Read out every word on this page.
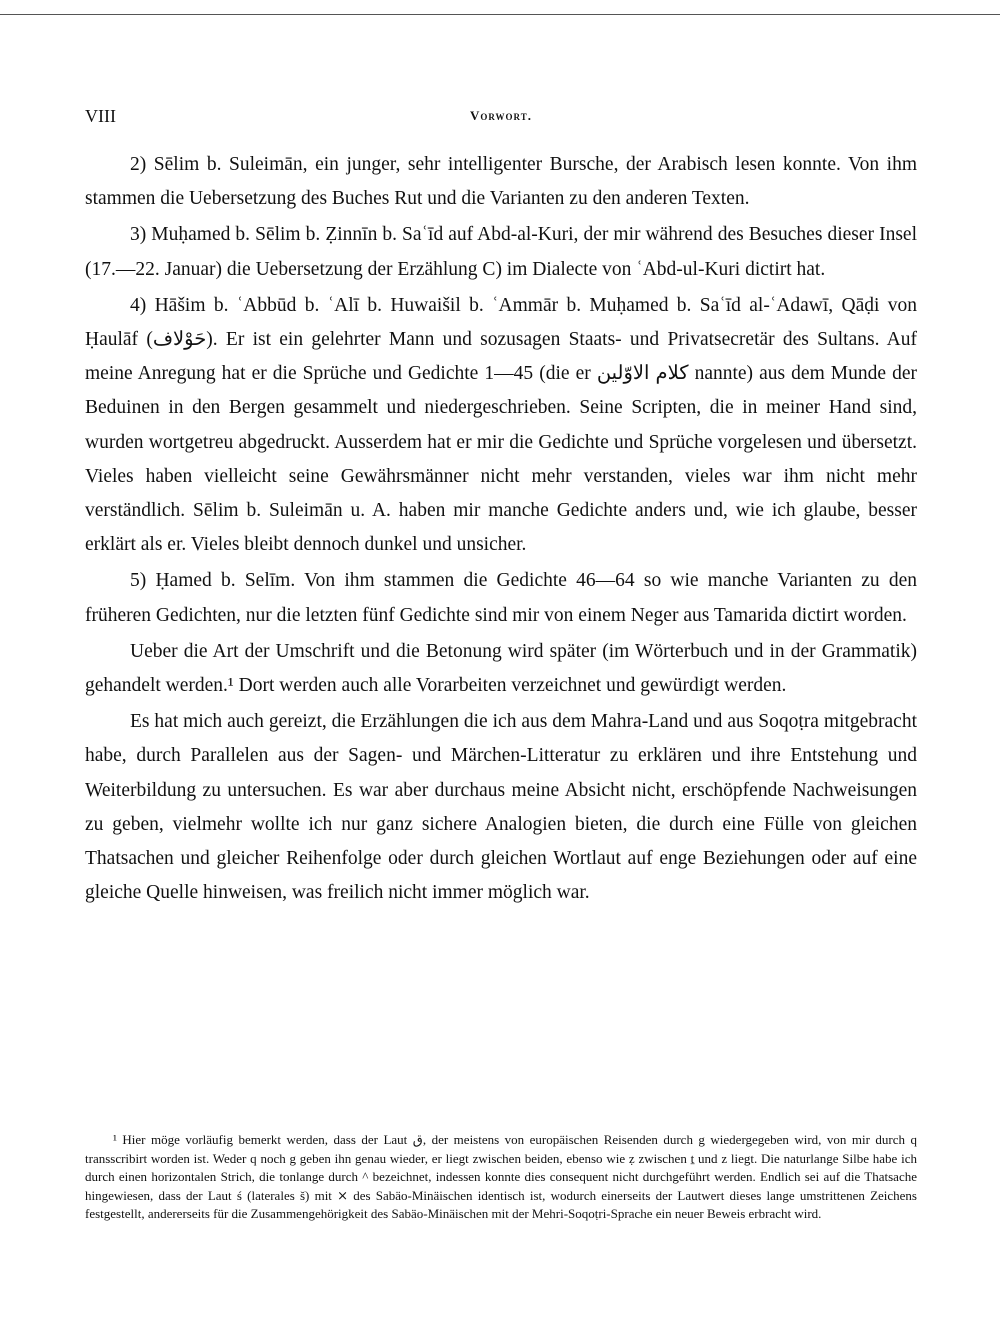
VIII	Vorwort.

2) Sēlim b. Suleimān, ein junger, sehr intelligenter Bursche, der Arabisch lesen konnte. Von ihm stammen die Uebersetzung des Buches Rut und die Varianten zu den anderen Texten.

3) Muḥamed b. Sēlim b. Ẓinnīn b. Saʿīd auf Abd-al-Kuri, der mir während des Besuches dieser Insel (17.—22. Januar) die Uebersetzung der Erzählung C) im Dialecte von ʿAbd-ul-Kuri dictirt hat.

4) Hāšim b. ʿAbbūd b. ʿAlī b. Huwaišil b. ʿAmmār b. Muḥamed b. Saʿīd al-ʿAdawī, Qāḍi von Ḥaulāf (حَوْلاف). Er ist ein gelehrter Mann und sozusagen Staats- und Privatsecretär des Sultans. Auf meine Anregung hat er die Sprüche und Gedichte 1—45 (die er كلام الاوّلين nannte) aus dem Munde der Beduinen in den Bergen gesammelt und niedergeschrieben. Seine Scripten, die in meiner Hand sind, wurden wortgetreu abgedruckt. Ausserdem hat er mir die Gedichte und Sprüche vorgelesen und übersetzt. Vieles haben vielleicht seine Gewährsmänner nicht mehr verstanden, vieles war ihm nicht mehr verständlich. Sēlim b. Suleimān u. A. haben mir manche Gedichte anders und, wie ich glaube, besser erklärt als er. Vieles bleibt dennoch dunkel und unsicher.

5) Ḥamed b. Selīm. Von ihm stammen die Gedichte 46—64 so wie manche Varianten zu den früheren Gedichten, nur die letzten fünf Gedichte sind mir von einem Neger aus Tamarida dictirt worden.

Ueber die Art der Umschrift und die Betonung wird später (im Wörterbuch und in der Grammatik) gehandelt werden.¹ Dort werden auch alle Vorarbeiten verzeichnet und gewürdigt werden.

Es hat mich auch gereizt, die Erzählungen die ich aus dem Mahra-Land und aus Soqoṭra mitgebracht habe, durch Parallelen aus der Sagen- und Märchen-Litteratur zu erklären und ihre Entstehung und Weiterbildung zu untersuchen. Es war aber durchaus meine Absicht nicht, erschöpfende Nachweisungen zu geben, vielmehr wollte ich nur ganz sichere Analogien bieten, die durch eine Fülle von gleichen Thatsachen und gleicher Reihenfolge oder durch gleichen Wortlaut auf enge Beziehungen oder auf eine gleiche Quelle hinweisen, was freilich nicht immer möglich war.

¹ Hier möge vorläufig bemerkt werden, dass der Laut ق, der meistens von europäischen Reisenden durch g wiedergegeben wird, von mir durch q transscribirt worden ist. Weder q noch g geben ihn genau wieder, er liegt zwischen beiden, ebenso wie ẓ zwischen ṯ und z liegt. Die naturlange Silbe habe ich durch einen horizontalen Strich, die tonlange durch ^ bezeichnet, indessen konnte dies consequent nicht durchgeführt werden. Endlich sei auf die Thatsache hingewiesen, dass der Laut ś (laterales š) mit ⨯ des Sabäo-Minäischen identisch ist, wodurch einerseits der Lautwert dieses lange umstrittenen Zeichens festgestellt, andererseits für die Zusammengehörigkeit des Sabäo-Minäischen mit der Mehri-Soqoṭri-Sprache ein neuer Beweis erbracht wird.
